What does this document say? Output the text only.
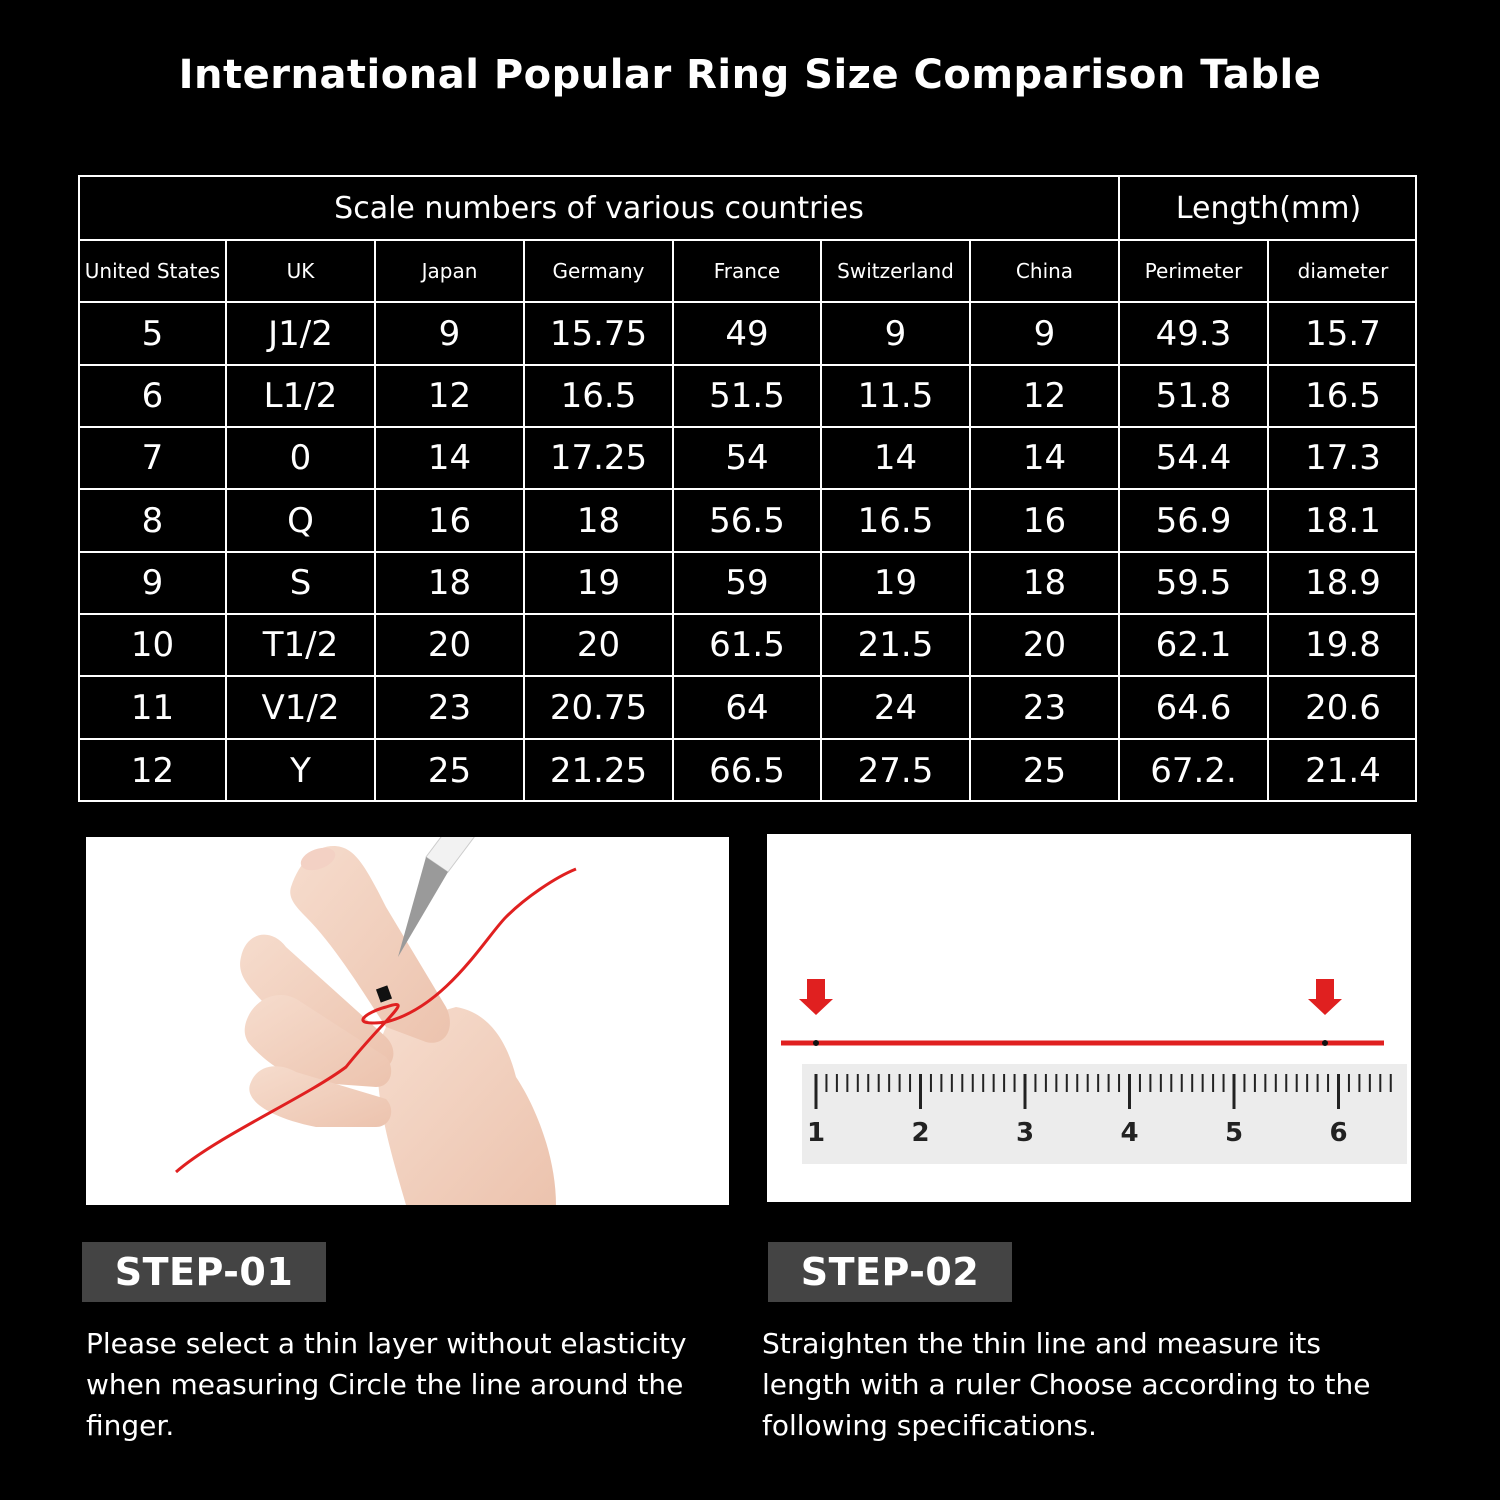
International Popular Ring Size Comparison Table
Scale numbers of various countries	Length(mm)
United States	UK	Japan	Germany	France	Switzerland	China	Perimeter	diameter
5	J1/2	9	15.75	49	9	9	49.3	15.7
6	L1/2	12	16.5	51.5	11.5	12	51.8	16.5
7	0	14	17.25	54	14	14	54.4	17.3
8	Q	16	18	56.5	16.5	16	56.9	18.1
9	S	18	19	59	19	18	59.5	18.9
10	T1/2	20	20	61.5	21.5	20	62.1	19.8
11	V1/2	23	20.75	64	24	23	64.6	20.6
12	Y	25	21.25	66.5	27.5	25	67.2.	21.4
1	2	3	4	5	6
STEP-01	STEP-02
Please select a thin layer without elasticity when measuring Circle the line around the finger.
Straighten the thin line and measure its length with a ruler Choose according to the following specifications.
